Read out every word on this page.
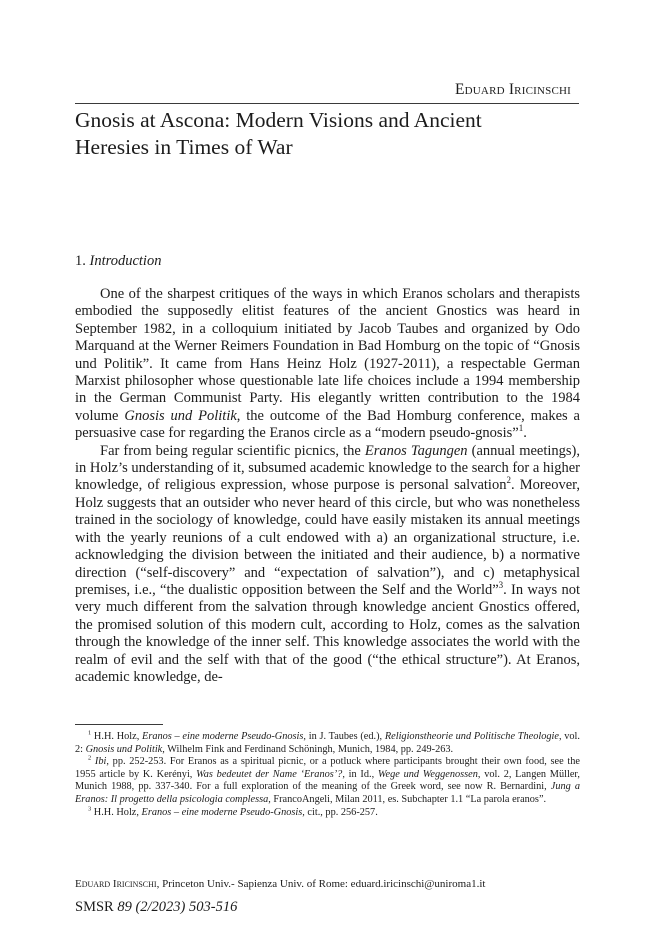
Eduard Iricinschi
Gnosis at Ascona: Modern Visions and Ancient
Heresies in Times of War
1. Introduction

One of the sharpest critiques of the ways in which Eranos scholars and therapists embodied the supposedly elitist features of the ancient Gnostics was heard in September 1982, in a colloquium initiated by Jacob Taubes and organized by Odo Marquand at the Werner Reimers Foundation in Bad Homburg on the topic of “Gnosis und Politik”. It came from Hans Heinz Holz (1927-2011), a respectable German Marxist philosopher whose questionable late life choices include a 1994 membership in the German Communist Party. His elegantly written contribution to the 1984 volume Gnosis und Politik, the outcome of the Bad Homburg conference, makes a persuasive case for regarding the Eranos circle as a “modern pseudo-gnosis”$^1$.

Far from being regular scientific picnics, the Eranos Tagungen (annual meetings), in Holz’s understanding of it, subsumed academic knowledge to the search for a higher knowledge, of religious expression, whose purpose is personal salvation$^2$. Moreover, Holz suggests that an outsider who never heard of this circle, but who was nonetheless trained in the sociology of knowledge, could have easily mistaken its annual meetings with the yearly reunions of a cult endowed with a) an organizational structure, i.e. acknowledging the division between the initiated and their audience, b) a normative direction (“self-discovery” and “expectation of salvation”), and c) metaphysical premises, i.e., “the dualistic opposition between the Self and the World”$^3$. In ways not very much different from the salvation through knowledge ancient Gnostics offered, the promised solution of this modern cult, according to Holz, comes as the salvation through the knowledge of the inner self. This knowledge associates the world with the realm of evil and the self with that of the good (“the ethical structure”). At Eranos, academic knowledge, de-

$^1$ H.H. Holz, Eranos – eine moderne Pseudo-Gnosis, in J. Taubes (ed.), Religionstheorie und Politische Theologie, vol. 2: Gnosis und Politik, Wilhelm Fink and Ferdinand Schöningh, Munich, 1984, pp. 249-263.

$^2$ Ibi, pp. 252-253. For Eranos as a spiritual picnic, or a potluck where participants brought their own food, see the 1955 article by K. Kerényi, Was bedeutet der Name ‘Eranos’?, in Id., Wege und Weggenossen, vol. 2, Langen Müller, Munich 1988, pp. 337-340. For a full exploration of the meaning of the Greek word, see now R. Bernardini, Jung a Eranos: Il progetto della psicologia complessa, FrancoAngeli, Milan 2011, es. Subchapter 1.1 “La parola eranos”.

$^3$ H.H. Holz, Eranos – eine moderne Pseudo-Gnosis, cit., pp. 256-257.

Eduard Iricinschi, Princeton Univ.- Sapienza Univ. of Rome: eduard.iricinschi@uniroma1.it
SMSR 89 (2/2023) 503-516
